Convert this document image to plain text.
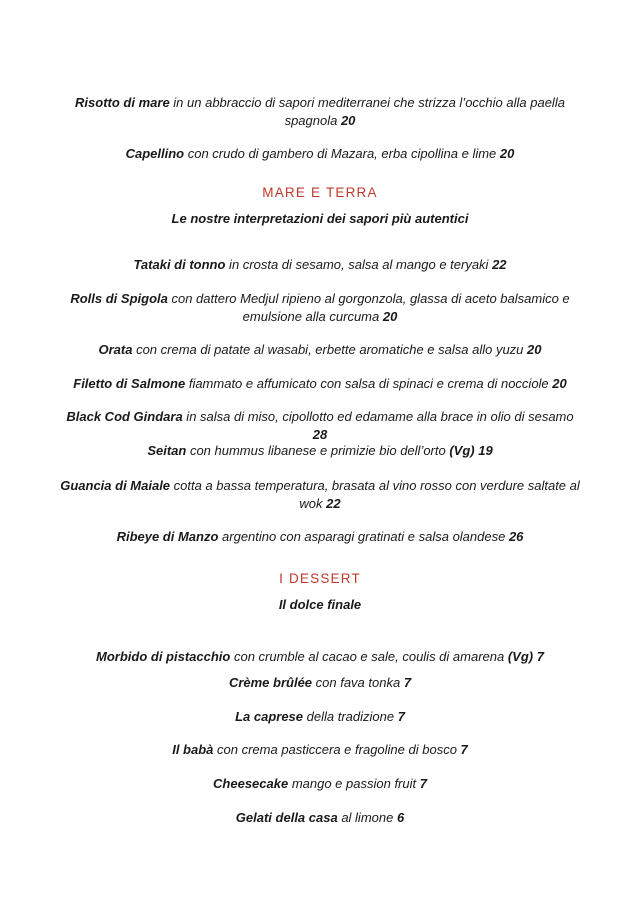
Risotto di mare in un abbraccio di sapori mediterranei che strizza l’occhio alla paella spagnola 20
Capellino con crudo di gambero di Mazara, erba cipollina e lime 20
MARE E TERRA
Le nostre interpretazioni dei sapori più autentici
Tataki di tonno in crosta di sesamo, salsa al mango e teryaki 22
Rolls di Spigola con dattero Medjul ripieno al gorgonzola, glassa di aceto balsamico e emulsione alla curcuma 20
Orata con crema di patate al wasabi, erbette aromatiche e salsa allo yuzu 20
Filetto di Salmone fiammato e affumicato con salsa di spinaci e crema di nocciole 20
Black Cod Gindara in salsa di miso, cipollotto ed edamame alla brace in olio di sesamo 28
Seitan con hummus libanese e primizie bio dell’orto (Vg) 19
Guancia di Maiale cotta a bassa temperatura, brasata al vino rosso con verdure saltate al wok 22
Ribeye di Manzo argentino con asparagi gratinati e salsa olandese 26
I DESSERT
Il dolce finale
Morbido di pistacchio con crumble al cacao e sale, coulis di amarena (Vg) 7
Crème brûlée con fava tonka 7
La caprese della tradizione 7
Il babà con crema pasticcera e fragoline di bosco 7
Cheesecake mango e passion fruit 7
Gelati della casa al limone 6
